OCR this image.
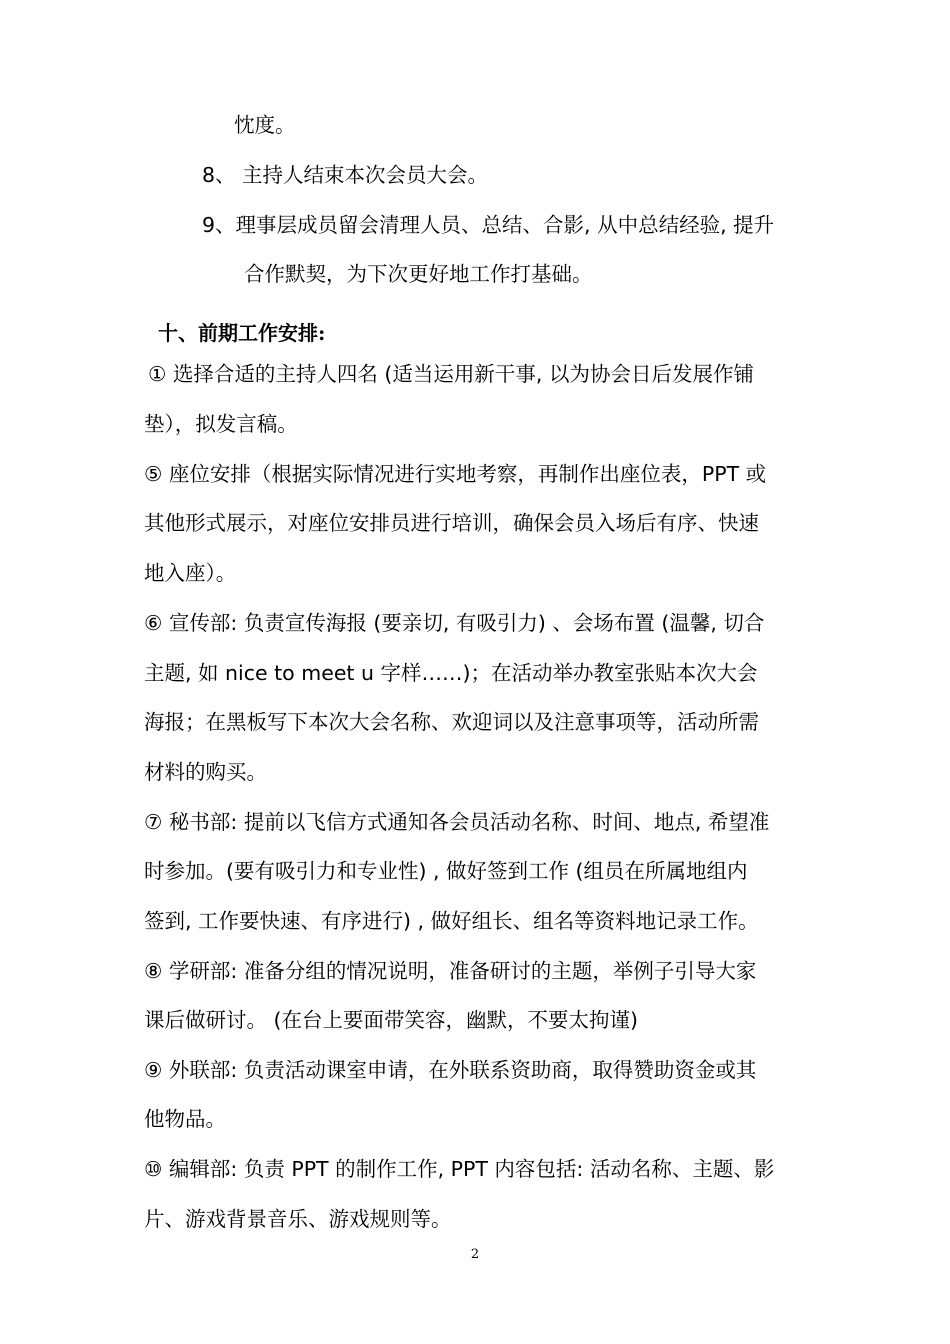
忱度。
8、 主持人结束本次会员大会。
9、理事层成员留会清理人员、总结、合影, 从中总结经验, 提升
合作默契，为下次更好地工作打基础。
十、前期工作安排:
① 选择合适的主持人四名 (适当运用新干事, 以为协会日后发展作铺
垫），拟发言稿。
⑤ 座位安排（根据实际情况进行实地考察，再制作出座位表，PPT 或
其他形式展示，对座位安排员进行培训，确保会员入场后有序、快速
地入座）。
⑥ 宣传部: 负责宣传海报 (要亲切, 有吸引力) 、会场布置 (温馨, 切合
主题, 如 nice to meet u 字样……)；在活动举办教室张贴本次大会
海报；在黑板写下本次大会名称、欢迎词以及注意事项等，活动所需
材料的购买。
⑦ 秘书部: 提前以飞信方式通知各会员活动名称、时间、地点, 希望准
时参加。(要有吸引力和专业性) , 做好签到工作 (组员在所属地组内
签到, 工作要快速、有序进行) , 做好组长、组名等资料地记录工作。
⑧ 学研部: 准备分组的情况说明，准备研讨的主题，举例子引导大家
课后做研讨。 (在台上要面带笑容，幽默，不要太拘谨)
⑨ 外联部: 负责活动课室申请，在外联系资助商，取得赞助资金或其
他物品。
⑩ 编辑部: 负责 PPT 的制作工作, PPT 内容包括: 活动名称、主题、影
片、游戏背景音乐、游戏规则等。
2
